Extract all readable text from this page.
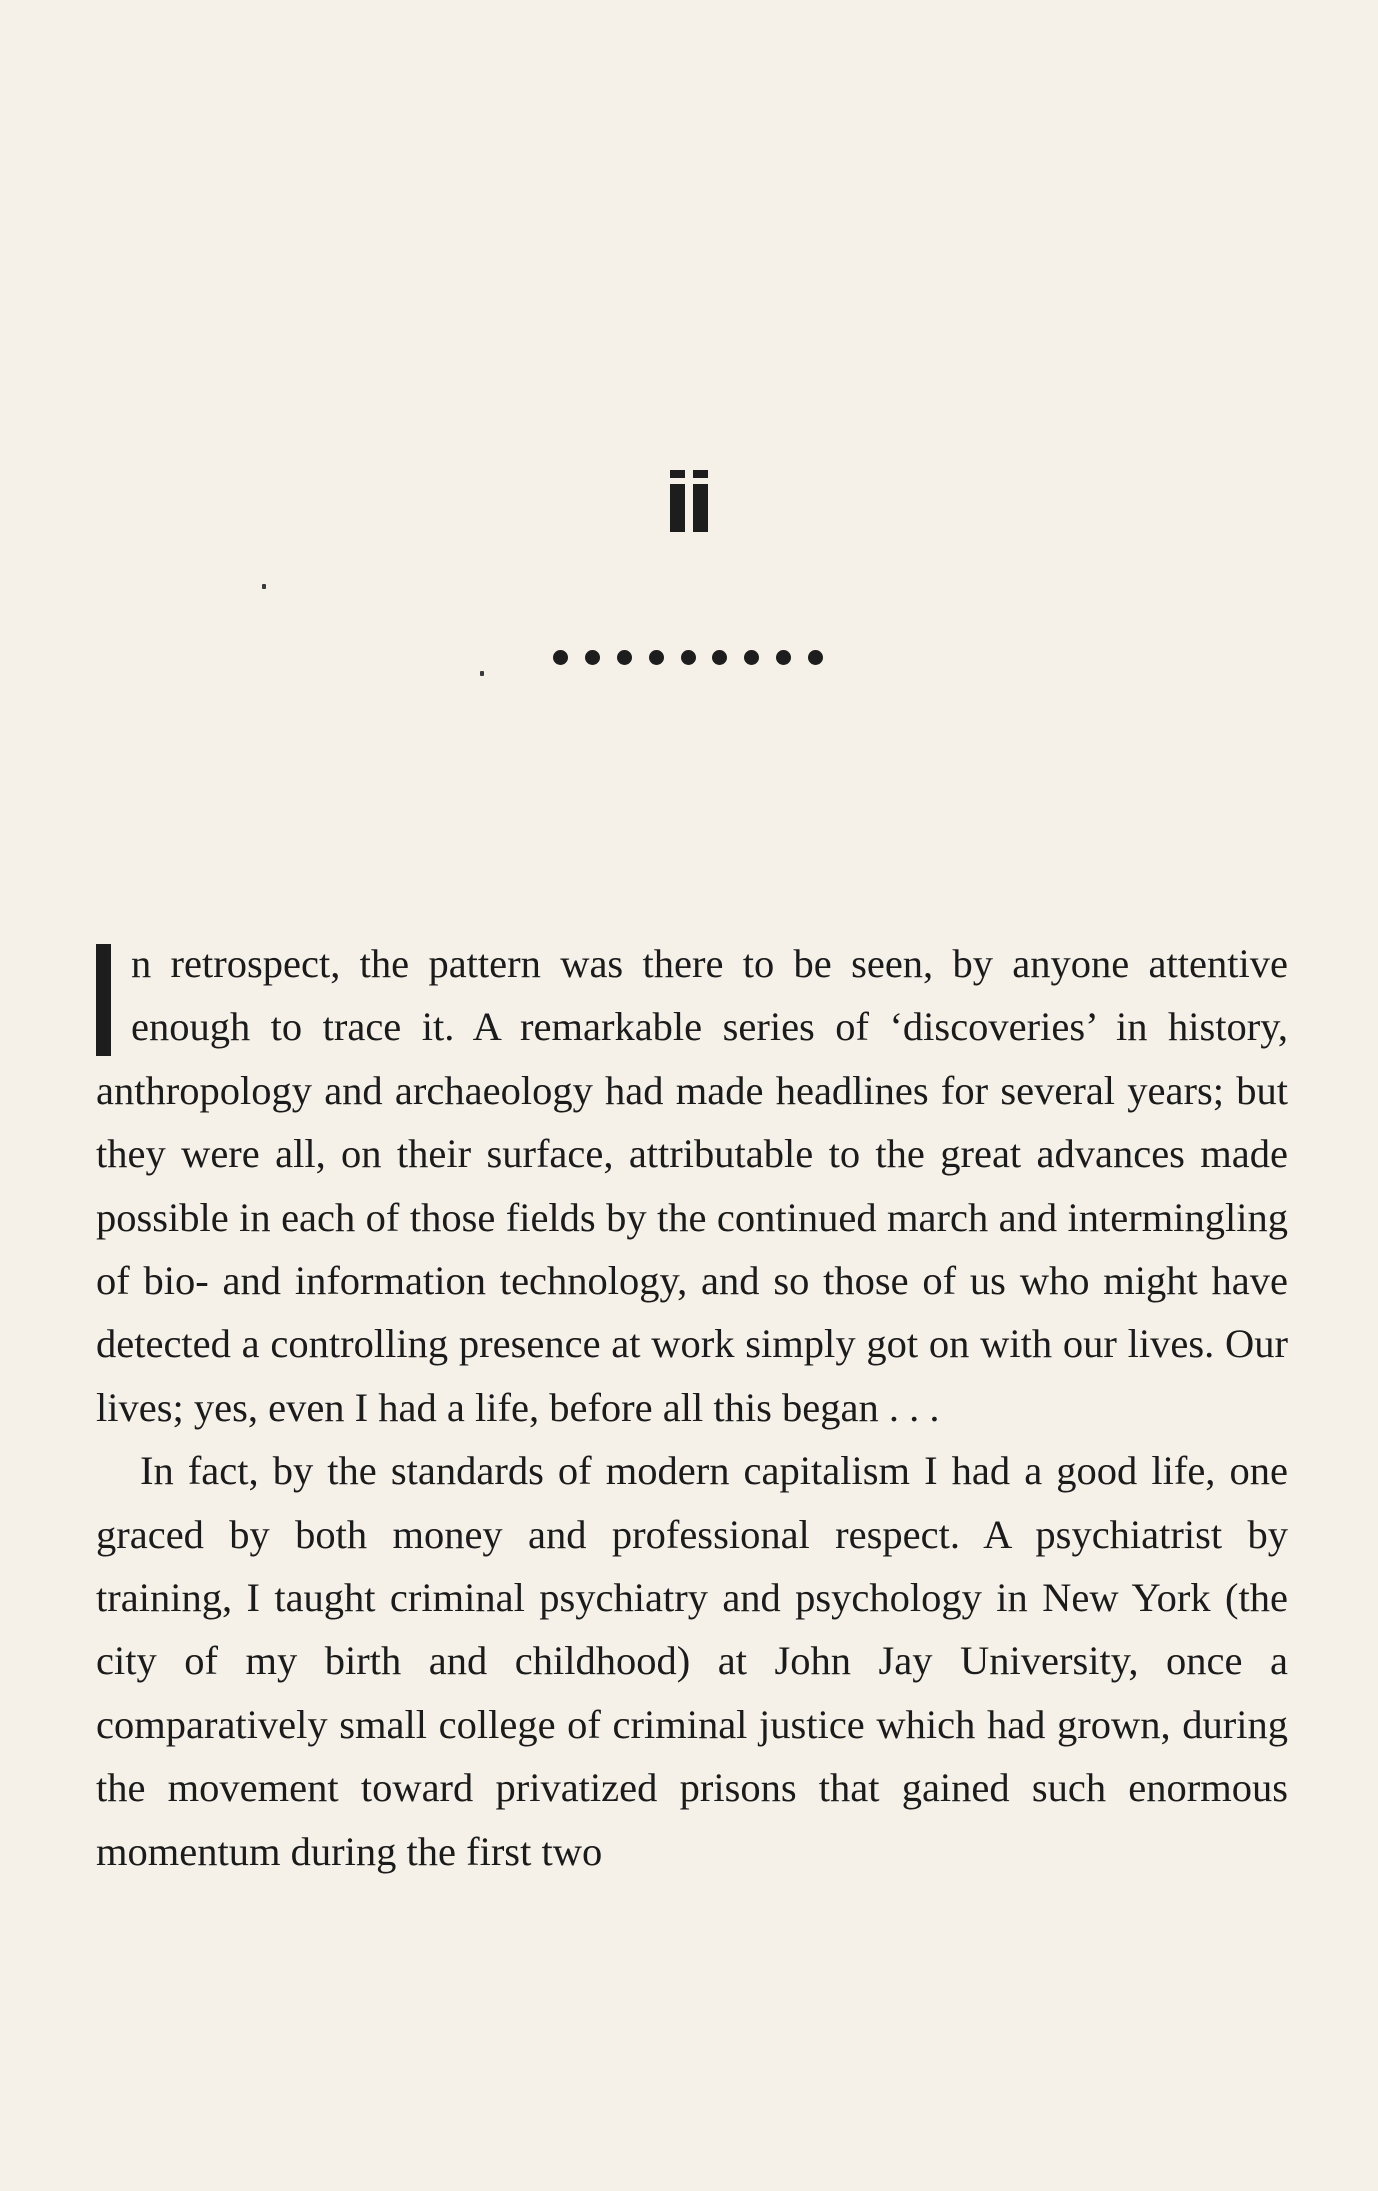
n retrospect, the pattern was there to be seen, by anyone attentive enough to trace it. A remarkable series of ‘discoveries’ in history, anthropology and archaeology had made headlines for several years; but they were all, on their surface, attributable to the great advances made possible in each of those fields by the continued march and intermingling of bio- and information technology, and so those of us who might have detected a controlling presence at work simply got on with our lives. Our lives; yes, even I had a life, before all this began . . .

In fact, by the standards of modern capitalism I had a good life, one graced by both money and professional respect. A psychiatrist by training, I taught criminal psychiatry and psychology in New York (the city of my birth and childhood) at John Jay University, once a comparatively small college of criminal justice which had grown, during the movement toward privatized prisons that gained such enormous momentum during the first two
